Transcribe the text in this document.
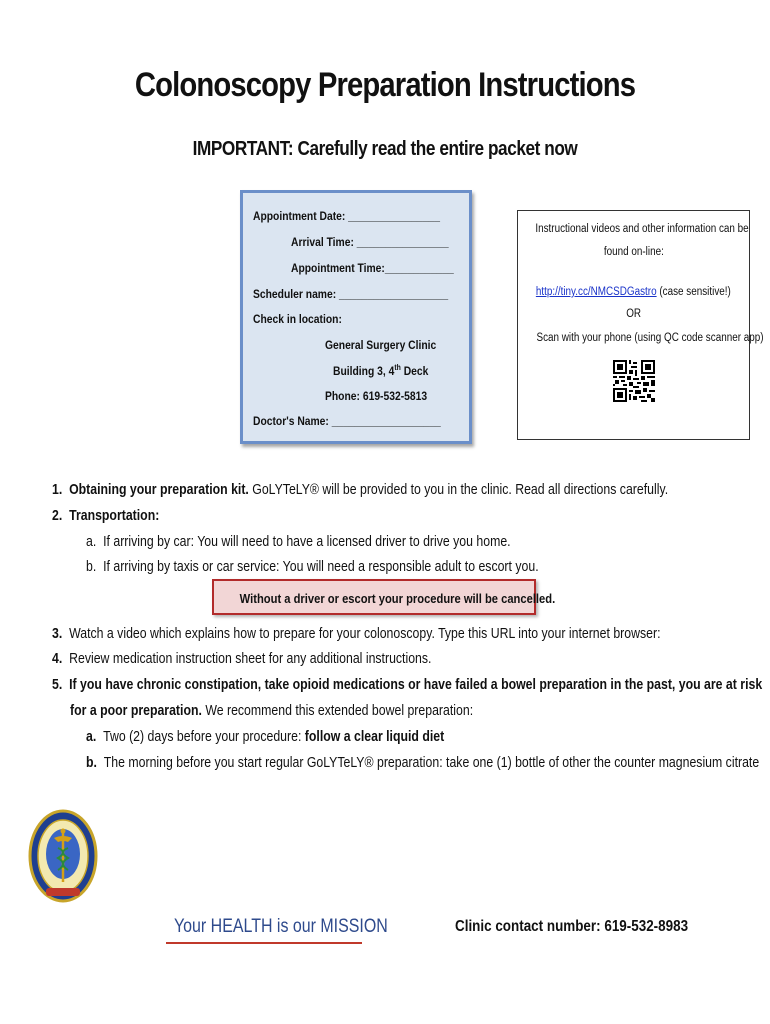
Colonoscopy Preparation Instructions
IMPORTANT: Carefully read the entire packet now
Appointment Date: ________________
Arrival Time: ________________
Appointment Time:____________
Scheduler name: ___________________
Check in location:
General Surgery Clinic
Building 3, 4th Deck
Phone: 619-532-5813
Doctor's Name: ___________________
Instructional videos and other information can be
found on-line:
http://tiny.cc/NMCSDGastro (case sensitive!)
OR
Scan with your phone (using QC code scanner app)
1. Obtaining your preparation kit. GoLYTeLY® will be provided to you in the clinic. Read all directions carefully.
2. Transportation:
a. If arriving by car: You will need to have a licensed driver to drive you home.
b. If arriving by taxis or car service: You will need a responsible adult to escort you.
Without a driver or escort your procedure will be cancelled.
3. Watch a video which explains how to prepare for your colonoscopy. Type this URL into your internet browser:
4. Review medication instruction sheet for any additional instructions.
5. If you have chronic constipation, take opioid medications or have failed a bowel preparation in the past, you are at risk
for a poor preparation. We recommend this extended bowel preparation:
a. Two (2) days before your procedure: follow a clear liquid diet
b. The morning before you start regular GoLYTeLY® preparation: take one (1) bottle of other the counter magnesium citrate
Your HEALTH is our MISSION	Clinic contact number: 619-532-8983
